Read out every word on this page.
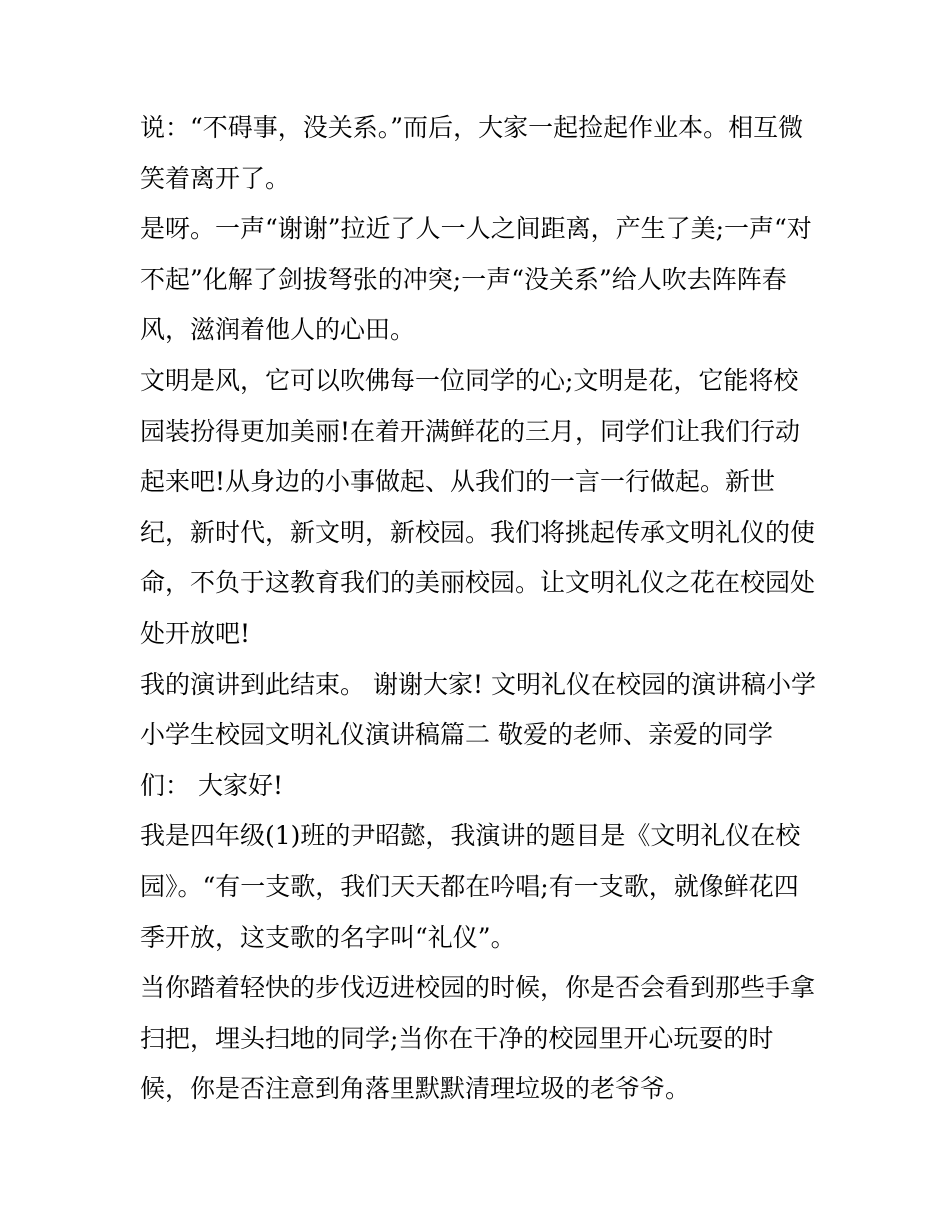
说：“不碍事，没关系。”而后，大家一起捡起作业本。相互微
笑着离开了。
是呀。一声“谢谢”拉近了人一人之间距离，产生了美;一声“对
不起”化解了剑拔弩张的冲突;一声“没关系”给人吹去阵阵春
风，滋润着他人的心田。
文明是风，它可以吹佛每一位同学的心;文明是花，它能将校
园装扮得更加美丽!在着开满鲜花的三月，同学们让我们行动
起来吧!从身边的小事做起、从我们的一言一行做起。新世
纪，新时代，新文明，新校园。我们将挑起传承文明礼仪的使
命，不负于这教育我们的美丽校园。让文明礼仪之花在校园处
处开放吧!
我的演讲到此结束。 谢谢大家! 文明礼仪在校园的演讲稿小学
小学生校园文明礼仪演讲稿篇二 敬爱的老师、亲爱的同学
们： 大家好!
我是四年级(1)班的尹昭懿，我演讲的题目是《文明礼仪在校
园》。“有一支歌，我们天天都在吟唱;有一支歌，就像鲜花四
季开放，这支歌的名字叫“礼仪”。
当你踏着轻快的步伐迈进校园的时候，你是否会看到那些手拿
扫把，埋头扫地的同学;当你在干净的校园里开心玩耍的时
候，你是否注意到角落里默默清理垃圾的老爷爷。
